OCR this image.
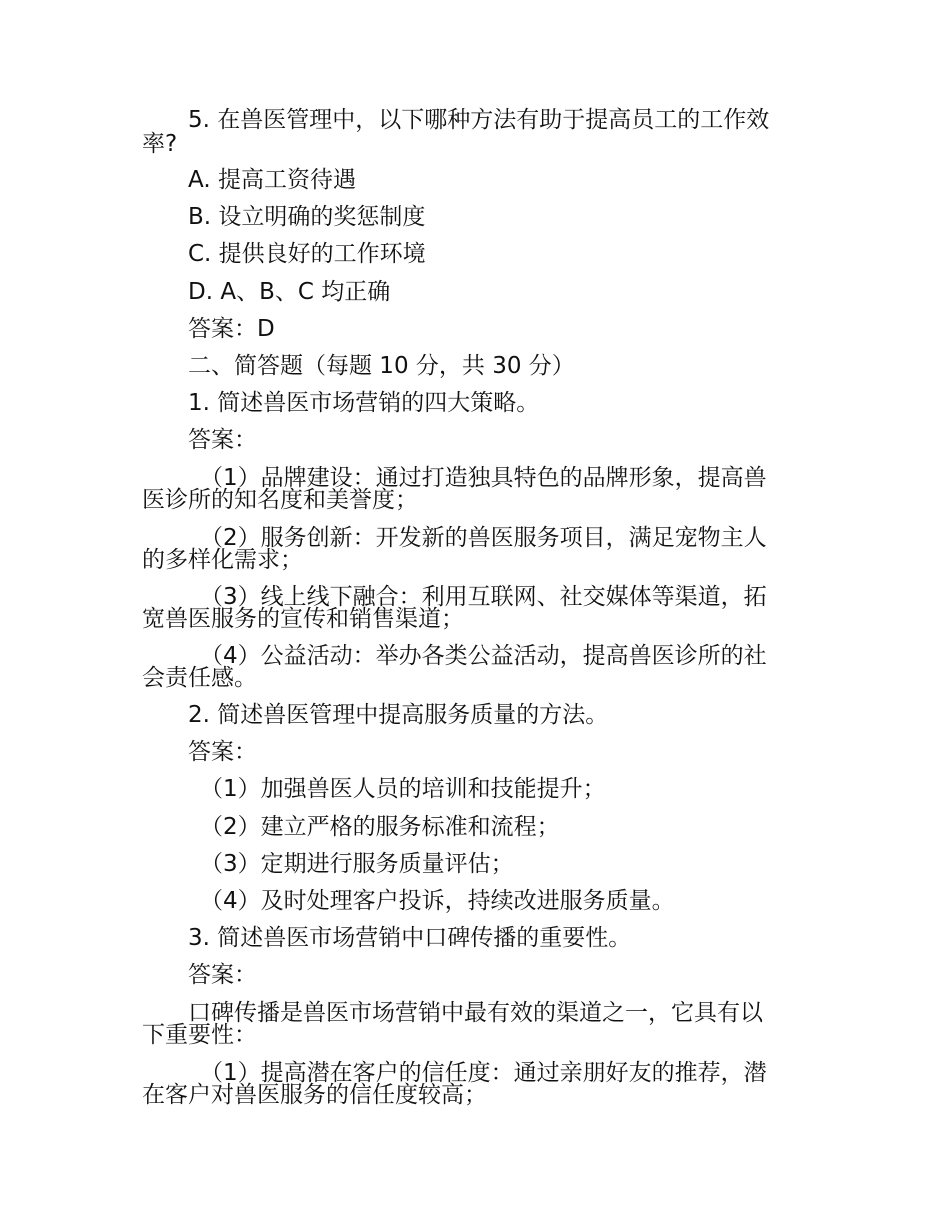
5. 在兽医管理中，以下哪种方法有助于提高员工的工作效
率?
A. 提高工资待遇
B. 设立明确的奖惩制度
C. 提供良好的工作环境
D. A、B、C 均正确
答案：D
二、简答题（每题 10 分，共 30 分）
1. 简述兽医市场营销的四大策略。
答案：
（1）品牌建设：通过打造独具特色的品牌形象，提高兽
医诊所的知名度和美誉度；
（2）服务创新：开发新的兽医服务项目，满足宠物主人
的多样化需求；
（3）线上线下融合：利用互联网、社交媒体等渠道，拓
宽兽医服务的宣传和销售渠道；
（4）公益活动：举办各类公益活动，提高兽医诊所的社
会责任感。
2. 简述兽医管理中提高服务质量的方法。
答案：
（1）加强兽医人员的培训和技能提升；
（2）建立严格的服务标准和流程；
（3）定期进行服务质量评估；
（4）及时处理客户投诉，持续改进服务质量。
3. 简述兽医市场营销中口碑传播的重要性。
答案：
口碑传播是兽医市场营销中最有效的渠道之一，它具有以
下重要性：
（1）提高潜在客户的信任度：通过亲朋好友的推荐，潜
在客户对兽医服务的信任度较高；
